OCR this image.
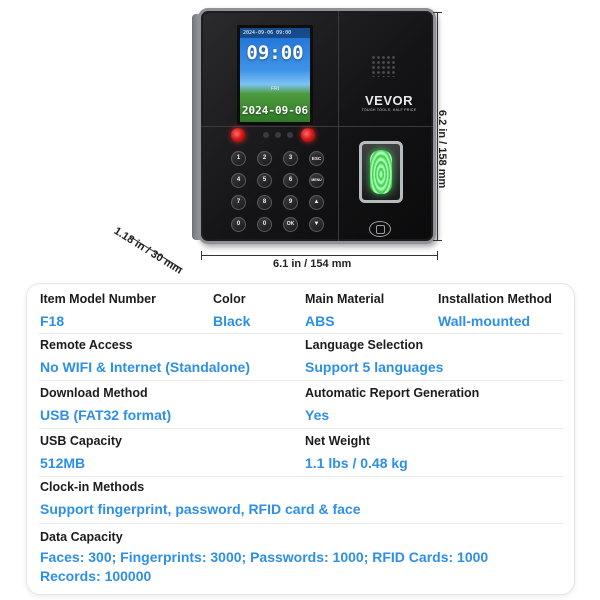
2024-09-06 09:00
09:00
FRI
2024-09-06
VEVOR
TOUGH TOOLS, HALF PRICE
1	2	3	ESC
4	5	6	MENU
7	8	9	▲
0	0	OK	▼
6.2 in / 158 mm
6.1 in / 154 mm
1.18 in / 30 mm
Item Model Number
F18
Color
Black
Main Material
ABS
Installation Method
Wall-mounted
Remote Access
No WIFI & Internet (Standalone)
Language Selection
Support 5 languages
Download Method
USB (FAT32 format)
Automatic Report Generation
Yes
USB Capacity
512MB
Net Weight
1.1 lbs / 0.48 kg
Clock-in Methods
Support fingerprint, password, RFID card & face
Data Capacity
Faces: 300; Fingerprints: 3000; Passwords: 1000; RFID Cards: 1000
Records: 100000
